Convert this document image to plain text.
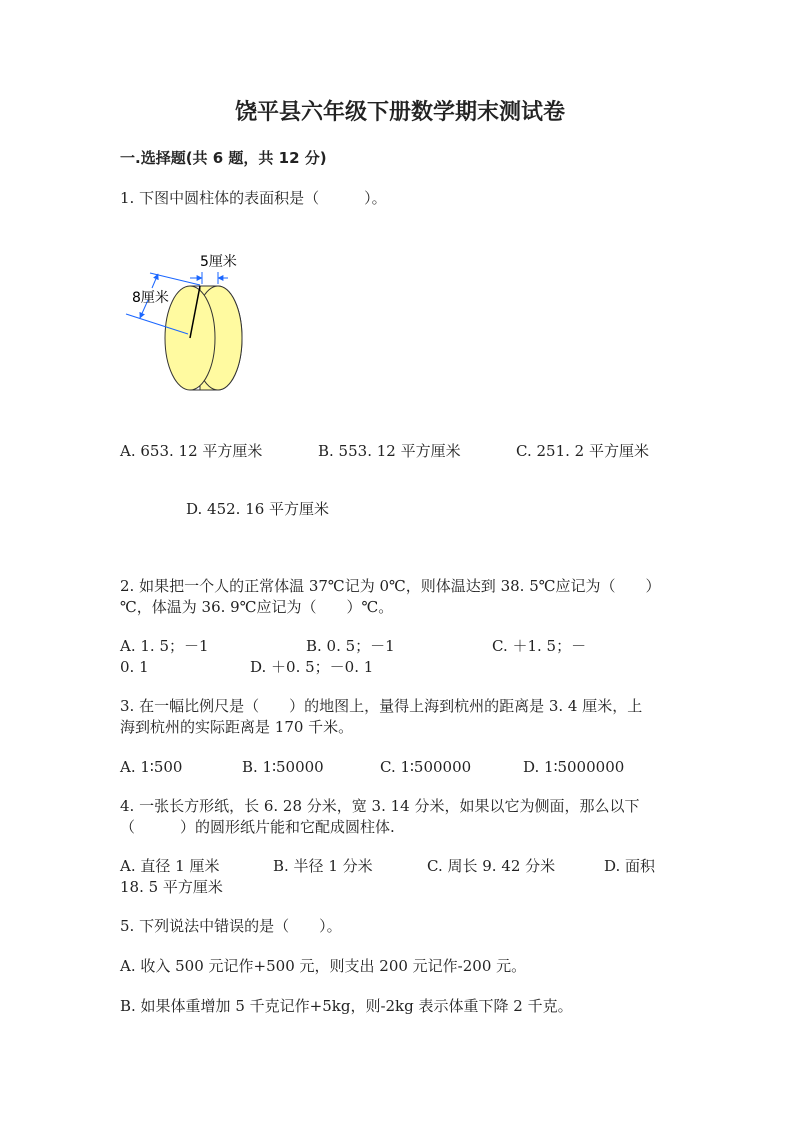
饶平县六年级下册数学期末测试卷
一.选择题(共 6 题，共 12 分)
1. 下图中圆柱体的表面积是（　　　）。
5厘米
8厘米
A. 653. 12 平方厘米	B. 553. 12 平方厘米	C. 251. 2 平方厘米
D. 452. 16 平方厘米
2. 如果把一个人的正常体温 37℃记为 0℃，则体温达到 38. 5℃应记为（　　）
℃，体温为 36. 9℃应记为（　　）℃。
A. 1. 5；－1	B. 0. 5；－1	C. ＋1. 5；－
0. 1	D. ＋0. 5；－0. 1
3. 在一幅比例尺是（　　）的地图上，量得上海到杭州的距离是 3. 4 厘米，上
海到杭州的实际距离是 170 千米。
A. 1∶500	B. 1∶50000	C. 1∶500000	D. 1∶5000000
4. 一张长方形纸，长 6. 28 分米，宽 3. 14 分米，如果以它为侧面，那么以下
（　　　）的圆形纸片能和它配成圆柱体.
A. 直径 1 厘米	B. 半径 1 分米	C. 周长 9. 42 分米	D. 面积
18. 5 平方厘米
5. 下列说法中错误的是（　　）。
A. 收入 500 元记作+500 元，则支出 200 元记作-200 元。
B. 如果体重增加 5 千克记作+5kg，则-2kg 表示体重下降 2 千克。
